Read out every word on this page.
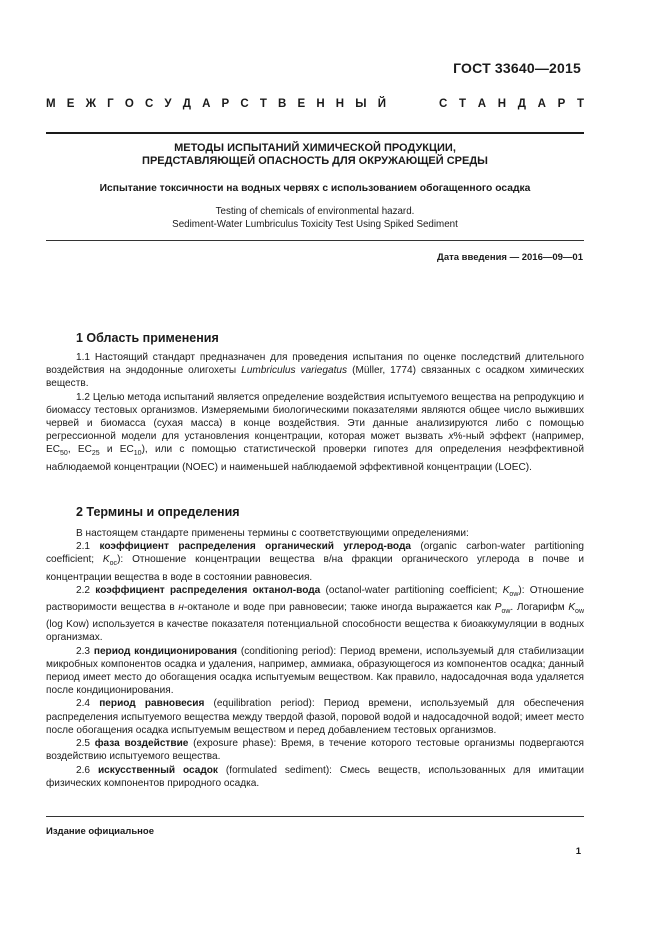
ГОСТ 33640—2015
М Е Ж Г О С У Д А Р С Т В Е Н Н Ы Й	С Т А Н Д А Р Т
МЕТОДЫ ИСПЫТАНИЙ ХИМИЧЕСКОЙ ПРОДУКЦИИ,
ПРЕДСТАВЛЯЮЩЕЙ ОПАСНОСТЬ ДЛЯ ОКРУЖАЮЩЕЙ СРЕДЫ
Испытание токсичности на водных червях с использованием обогащенного осадка
Testing of chemicals of environmental hazard.
Sediment-Water Lumbriculus Toxicity Test Using Spiked Sediment
Дата введения — 2016—09—01
1 Область применения

1.1 Настоящий стандарт предназначен для проведения испытания по оценке последствий длительного воздействия на эндодонные олигохеты Lumbriculus variegatus (Müller, 1774) связанных с осадком химических веществ.

1.2 Целью метода испытаний является определение воздействия испытуемого вещества на репродукцию и биомассу тестовых организмов. Измеряемыми биологическими показателями являются общее число выживших червей и биомасса (сухая масса) в конце воздействия. Эти данные анализируются либо с помощью регрессионной модели для установления концентрации, которая может вызвать x%-ный эффект (например, $EC_{50}$, $EC_{25}$ и $EC_{10}$), или с помощью статистической проверки гипотез для определения неэффективной наблюдаемой концентрации (NOEC) и наименьшей наблюдаемой эффективной концентрации (LOEC).

2 Термины и определения

В настоящем стандарте применены термины с соответствующими определениями:

2.1 коэффициент распределения органический углерод-вода (organic carbon-water partitioning coefficient; $K_{oc}$): Отношение концентрации вещества в/на фракции органического углерода в почве и концентрации вещества в воде в состоянии равновесия.

2.2 коэффициент распределения октанол-вода (octanol-water partitioning coefficient; $K_{ow}$): Отношение растворимости вещества в н-октаноле и воде при равновесии; также иногда выражается как $P_{ow}$. Логарифм $K_{ow}$ (log Kow) используется в качестве показателя потенциальной способности вещества к биоаккумуляции в водных организмах.

2.3 период кондиционирования (conditioning period): Период времени, используемый для стабилизации микробных компонентов осадка и удаления, например, аммиака, образующегося из компонентов осадка; данный период имеет место до обогащения осадка испытуемым веществом. Как правило, надосадочная вода удаляется после кондиционирования.

2.4 период равновесия (equilibration period): Период времени, используемый для обеспечения распределения испытуемого вещества между твердой фазой, поровой водой и надосадочной водой; имеет место после обогащения осадка испытуемым веществом и перед добавлением тестовых организмов.

2.5 фаза воздействие (exposure phase): Время, в течение которого тестовые организмы подвергаются воздействию испытуемого вещества.

2.6 искусственный осадок (formulated sediment): Смесь веществ, использованных для имитации физических компонентов природного осадка.

Издание официальное
1
